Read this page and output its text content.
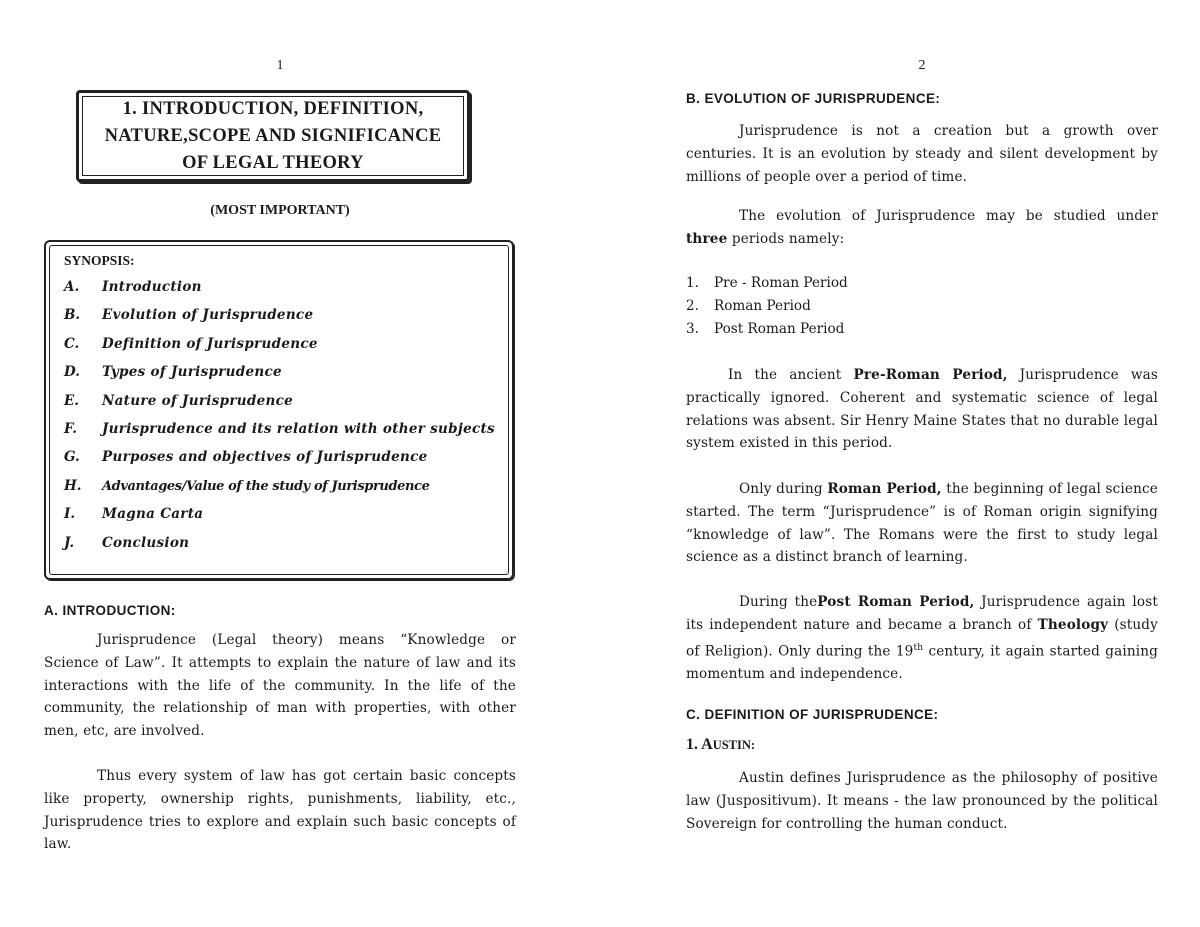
1
1. INTRODUCTION, DEFINITION,
NATURE,SCOPE AND SIGNIFICANCE
OF LEGAL THEORY
(MOST IMPORTANT)
SYNOPSIS:
A.	Introduction
B.	Evolution of Jurisprudence
C.	Definition of Jurisprudence
D.	Types of Jurisprudence
E.	Nature of Jurisprudence
F.	Jurisprudence and its relation with other subjects
G.	Purposes and objectives of Jurisprudence
H.	Advantages/Value of the study of Jurisprudence
I.	Magna Carta
J.	Conclusion
A. INTRODUCTION:

Jurisprudence (Legal theory) means “Knowledge or Science of Law”. It attempts to explain the nature of law and its interactions with the life of the community. In the life of the community, the relationship of man with properties, with other men, etc, are involved.

Thus every system of law has got certain basic concepts like property, ownership rights, punishments, liability, etc., Jurisprudence tries to explore and explain such basic concepts of law.

2
B. EVOLUTION OF JURISPRUDENCE:

Jurisprudence is not a creation but a growth over centuries. It is an evolution by steady and silent development by millions of people over a period of time.

The evolution of Jurisprudence may be studied under three periods namely:

1.	Pre - Roman Period
2.	Roman Period
3.	Post Roman Period

In the ancient Pre-Roman Period, Jurisprudence was practically ignored. Coherent and systematic science of legal relations was absent. Sir Henry Maine States that no durable legal system existed in this period.

Only during Roman Period, the beginning of legal science started. The term “Jurisprudence” is of Roman origin signifying “knowledge of law”. The Romans were the first to study legal science as a distinct branch of learning.

During thePost Roman Period, Jurisprudence again lost its independent nature and became a branch of Theology (study of Religion). Only during the 19th century, it again started gaining momentum and independence.

C. DEFINITION OF JURISPRUDENCE:
1. AUSTIN:

Austin defines Jurisprudence as the philosophy of positive law (Juspositivum). It means - the law pronounced by the political Sovereign for controlling the human conduct.
